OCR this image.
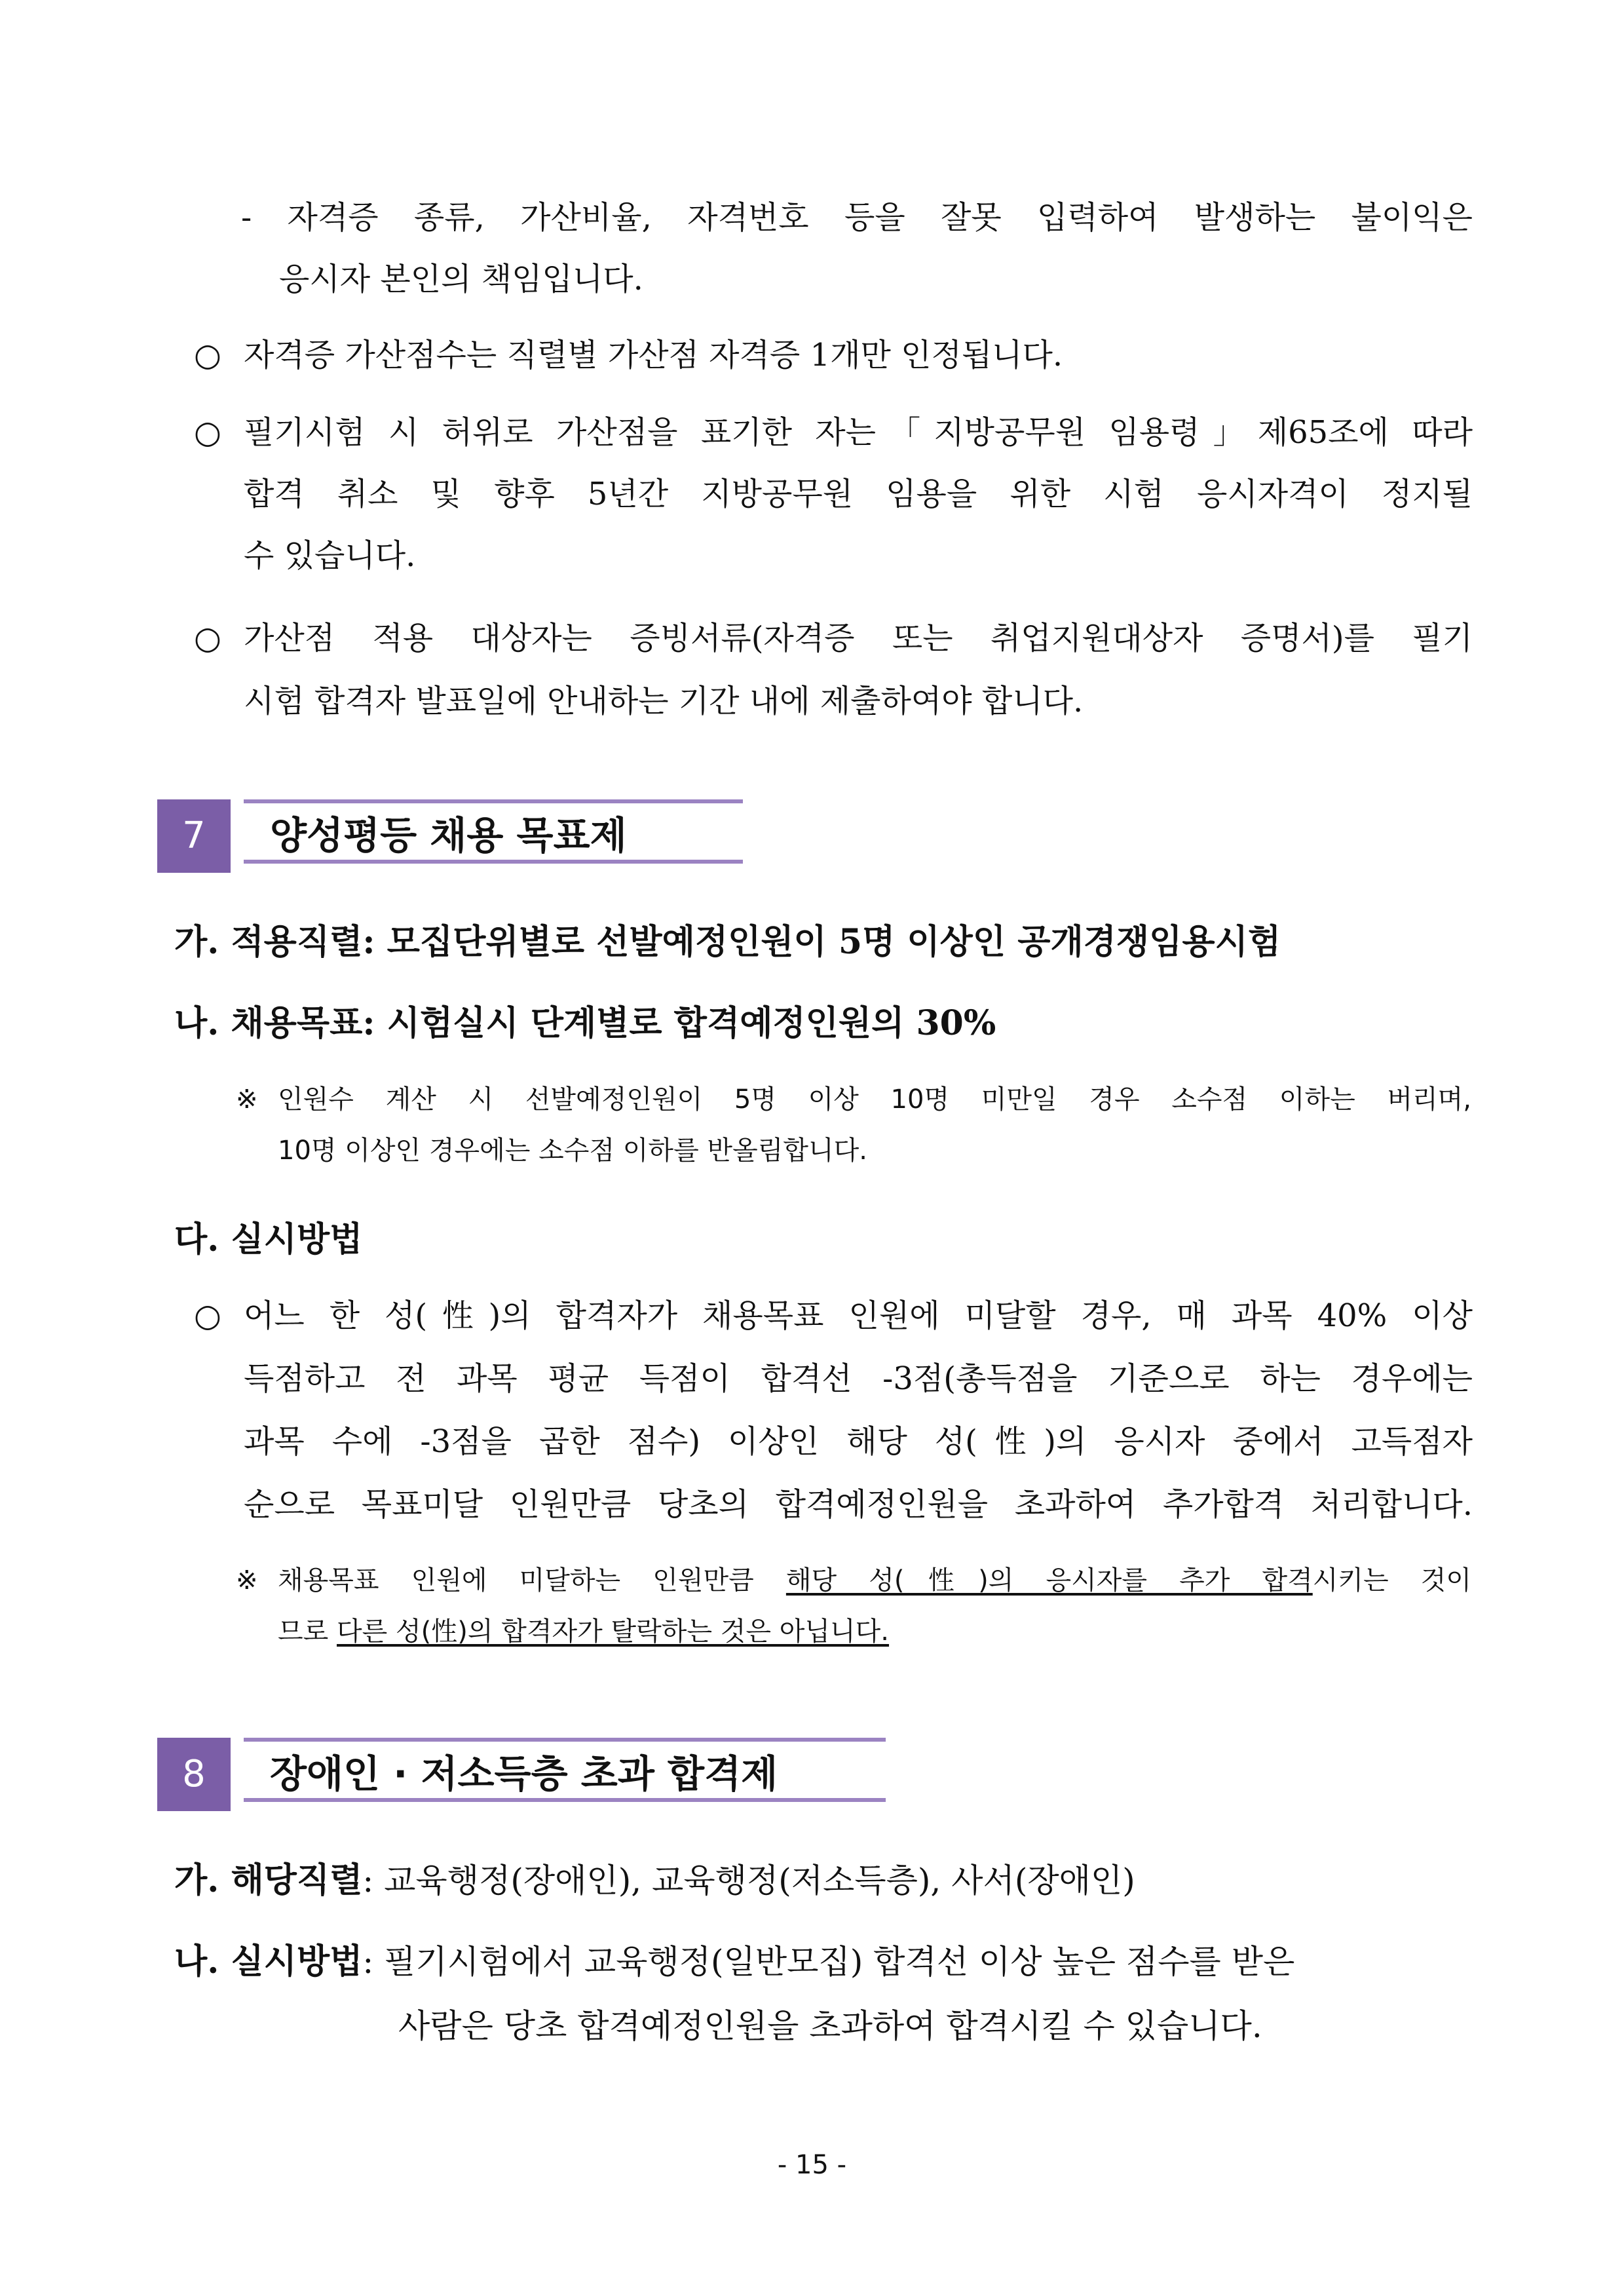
- 자격증 종류, 가산비율, 자격번호 등을 잘못 입력하여 발생하는 불이익은
응시자 본인의 책임입니다.
○ 자격증 가산점수는 직렬별 가산점 자격증 1개만 인정됩니다.
○ 필기시험 시 허위로 가산점을 표기한 자는「지방공무원 임용령」제65조에 따라
합격 취소 및 향후 5년간 지방공무원 임용을 위한 시험 응시자격이 정지될
수 있습니다.
○ 가산점 적용 대상자는 증빙서류(자격증 또는 취업지원대상자 증명서)를 필기
시험 합격자 발표일에 안내하는 기간 내에 제출하여야 합니다.
7	양성평등 채용 목표제
가. 적용직렬: 모집단위별로 선발예정인원이 5명 이상인 공개경쟁임용시험
나. 채용목표: 시험실시 단계별로 합격예정인원의 30%
※ 인원수 계산 시 선발예정인원이 5명 이상 10명 미만일 경우 소수점 이하는 버리며,
10명 이상인 경우에는 소수점 이하를 반올림합니다.
다. 실시방법
○ 어느 한 성(性)의 합격자가 채용목표 인원에 미달할 경우, 매 과목 40% 이상
득점하고 전 과목 평균 득점이 합격선 -3점(총득점을 기준으로 하는 경우에는
과목 수에 -3점을 곱한 점수) 이상인 해당 성(性)의 응시자 중에서 고득점자
순으로 목표미달 인원만큼 당초의 합격예정인원을 초과하여 추가합격 처리합니다.
※ 채용목표 인원에 미달하는 인원만큼 해당 성(性)의 응시자를 추가 합격시키는 것이
므로 다른 성(性)의 합격자가 탈락하는 것은 아닙니다.
8	장애인 · 저소득층 초과 합격제
가. 해당직렬: 교육행정(장애인), 교육행정(저소득층), 사서(장애인)
나. 실시방법: 필기시험에서 교육행정(일반모집) 합격선 이상 높은 점수를 받은
사람은 당초 합격예정인원을 초과하여 합격시킬 수 있습니다.
- 15 -
